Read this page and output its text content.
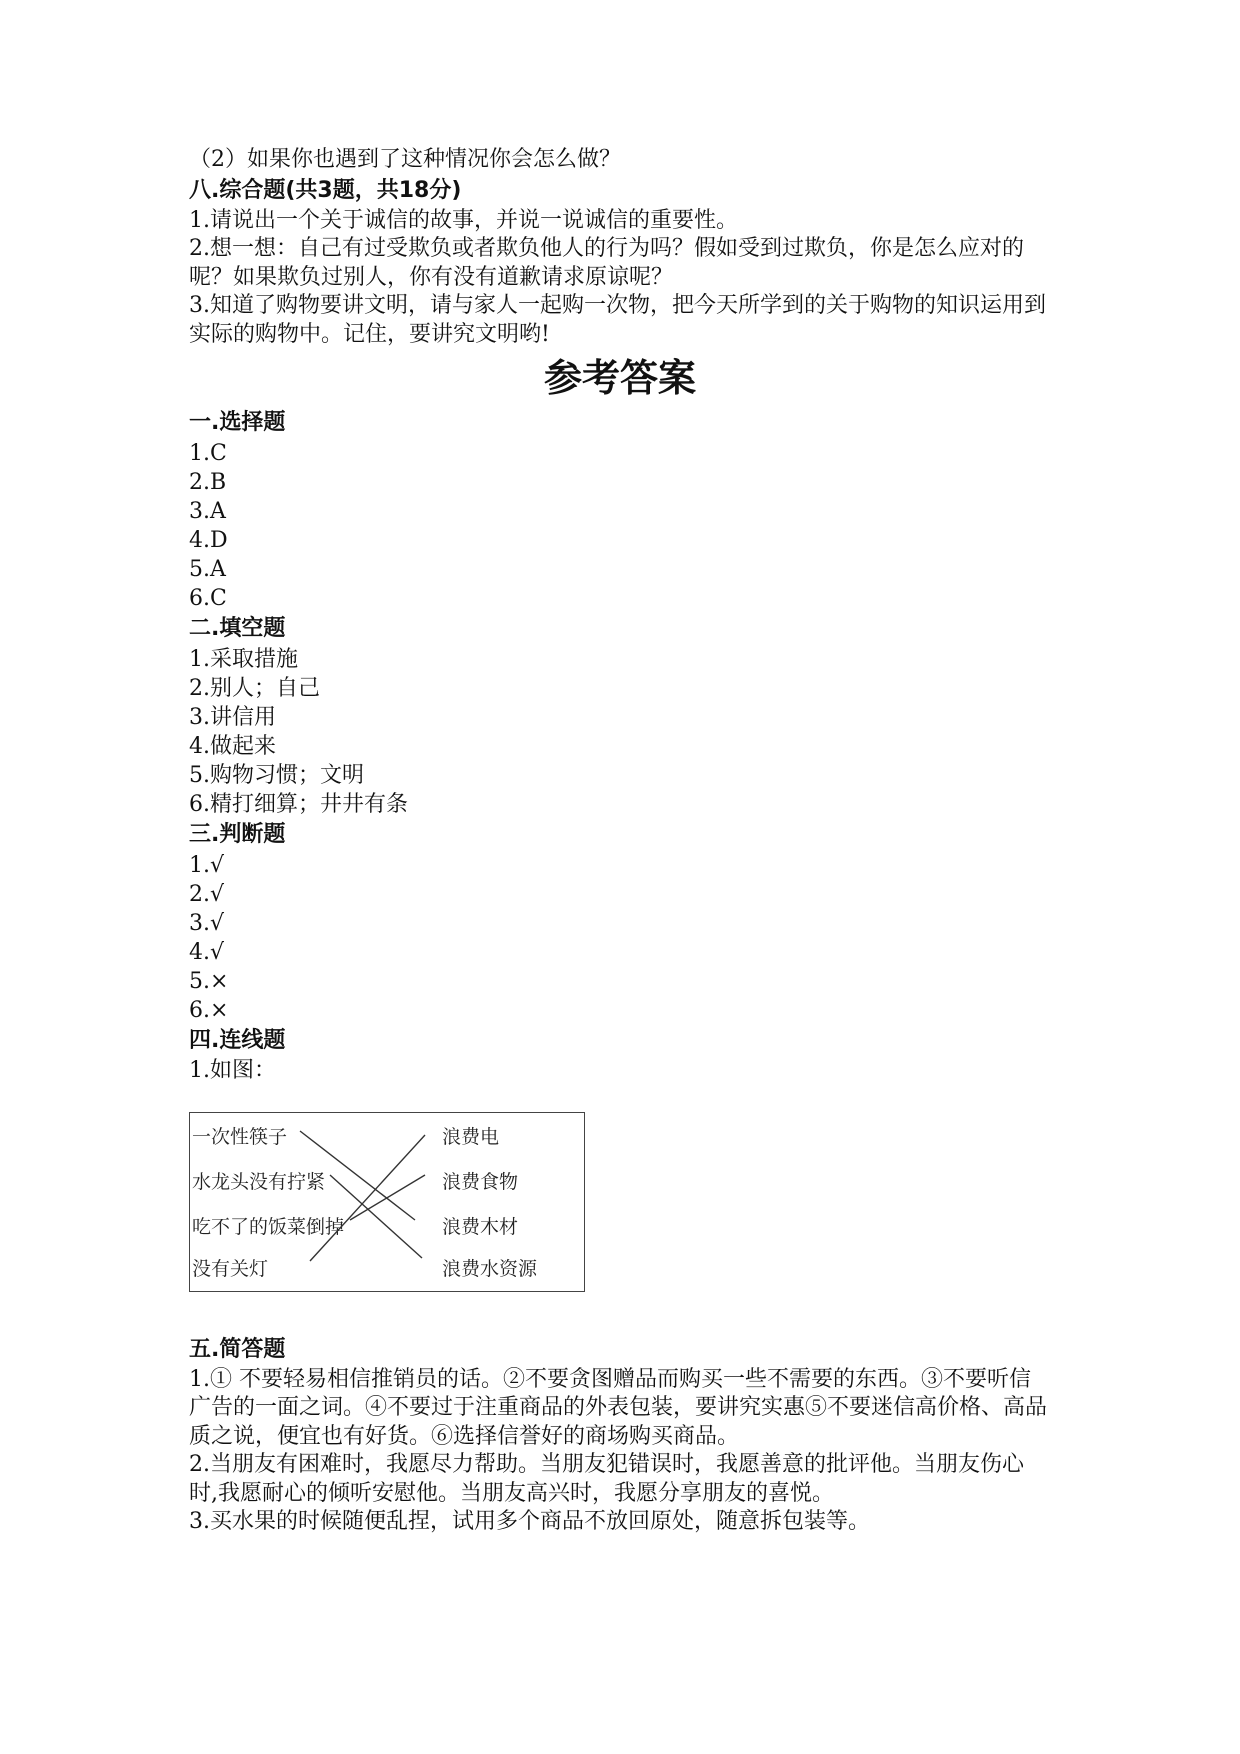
（2）如果你也遇到了这种情况你会怎么做？

八.综合题(共3题，共18分)

1.请说出一个关于诚信的故事，并说一说诚信的重要性。

2.想一想：自己有过受欺负或者欺负他人的行为吗？假如受到过欺负，你是怎么应对的呢？如果欺负过别人，你有没有道歉请求原谅呢？

3.知道了购物要讲文明，请与家人一起购一次物，把今天所学到的关于购物的知识运用到实际的购物中。记住，要讲究文明哟!

参考答案

一.选择题

1.C

2.B

3.A

4.D

5.A

6.C

二.填空题

1.采取措施

2.别人；自己

3.讲信用

4.做起来

5.购物习惯；文明

6.精打细算；井井有条

三.判断题

1.√

2.√

3.√

4.√

5.×

6.×

四.连线题

1.如图：

一次性筷子
水龙头没有拧紧
吃不了的饭菜倒掉
没有关灯
浪费电
浪费食物
浪费木材
浪费水资源

五.简答题

1.① 不要轻易相信推销员的话。②不要贪图赠品而购买一些不需要的东西。③不要听信广告的一面之词。④不要过于注重商品的外表包装，要讲究实惠⑤不要迷信高价格、高品质之说，便宜也有好货。⑥选择信誉好的商场购买商品。

2.当朋友有困难时，我愿尽力帮助。当朋友犯错误时，我愿善意的批评他。当朋友伤心时,我愿耐心的倾听安慰他。当朋友高兴时，我愿分享朋友的喜悦。

3.买水果的时候随便乱捏，试用多个商品不放回原处，随意拆包装等。
